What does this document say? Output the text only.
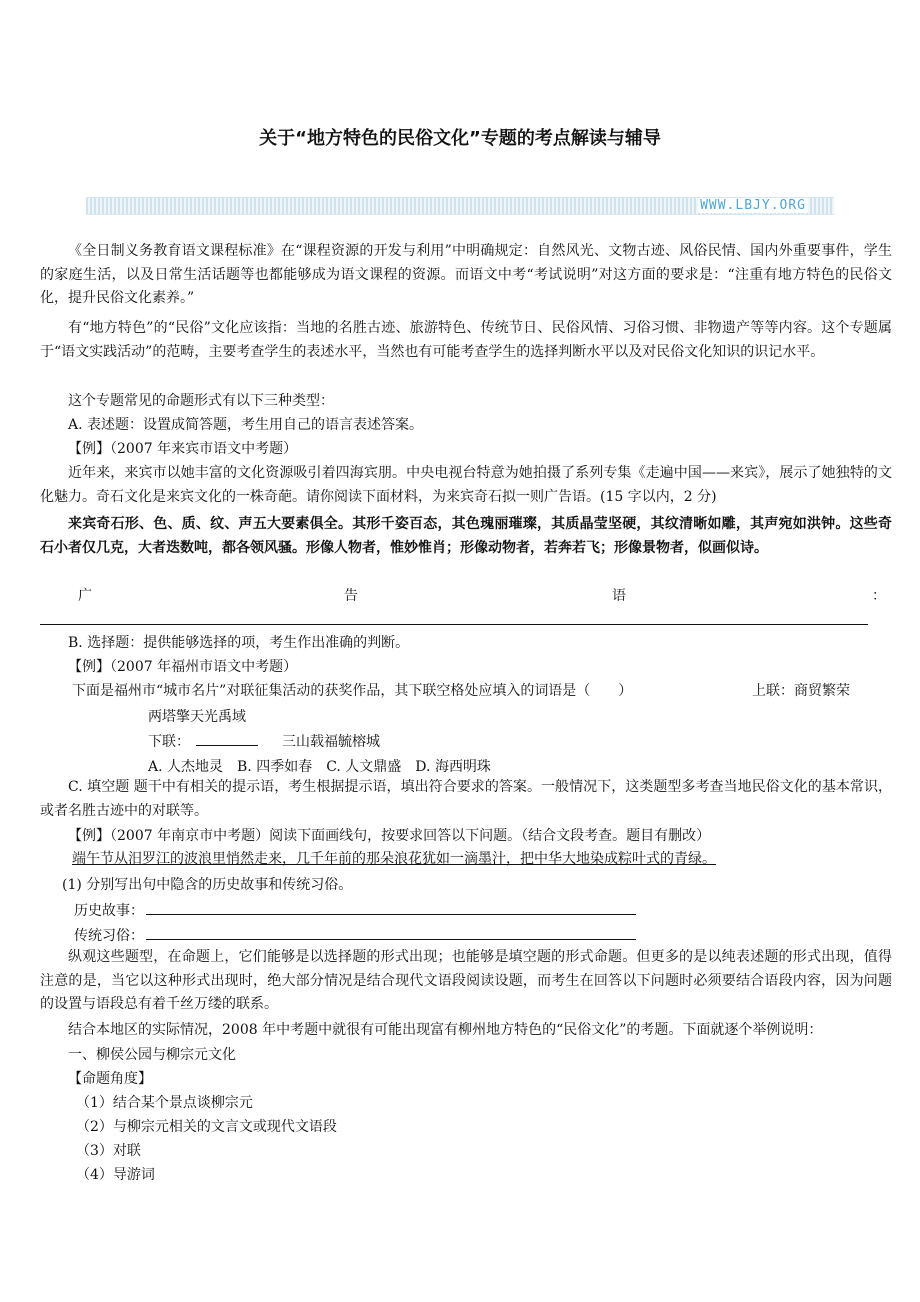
关于“地方特色的民俗文化”专题的考点解读与辅导
WWW.LBJY.ORG
《全日制义务教育语文课程标准》在“课程资源的开发与利用”中明确规定：自然风光、文物古迹、风俗民情、国内外重要事件，学生的家庭生活，以及日常生活话题等也都能够成为语文课程的资源。而语文中考“考试说明”对这方面的要求是：“注重有地方特色的民俗文化，提升民俗文化素养。”
有“地方特色”的“民俗”文化应该指：当地的名胜古迹、旅游特色、传统节日、民俗风情、习俗习惯、非物遗产等等内容。这个专题属于“语文实践活动”的范畴，主要考查学生的表述水平，当然也有可能考查学生的选择判断水平以及对民俗文化知识的识记水平。
这个专题常见的命题形式有以下三种类型：
A. 表述题：设置成简答题，考生用自己的语言表述答案。
【例】（2007 年来宾市语文中考题）
近年来，来宾市以她丰富的文化资源吸引着四海宾朋。中央电视台特意为她拍摄了系列专集《走遍中国——来宾》，展示了她独特的文化魅力。奇石文化是来宾文化的一株奇葩。请你阅读下面材料，为来宾奇石拟一则广告语。(15 字以内，2 分)
来宾奇石形、色、质、纹、声五大要素俱全。其形千姿百态，其色瑰丽璀璨，其质晶莹坚硬，其纹清晰如雕，其声宛如洪钟。这些奇石小者仅几克，大者迭数吨，都各领风骚。形像人物者，惟妙惟肖；形像动物者，若奔若飞；形像景物者，似画似诗。
广	告	语	：
B. 选择题：提供能够选择的项，考生作出准确的判断。
【例】（2007 年福州市语文中考题）
下面是福州市“城市名片”对联征集活动的获奖作品，其下联空格处应填入的词语是（　　）	上联：商贸繁荣
两塔擎天光禹域
下联：	三山载福毓榕城
A. 人杰地灵　B. 四季如春　C. 人文鼎盛　D. 海西明珠
C. 填空题 题干中有相关的提示语，考生根据提示语，填出符合要求的答案。一般情况下，这类题型多考查当地民俗文化的基本常识，或者名胜古迹中的对联等。
【例】（2007 年南京市中考题）阅读下面画线句，按要求回答以下问题。（结合文段考查。题目有删改）
端午节从汨罗江的波浪里悄然走来，几千年前的那朵浪花犹如一滴墨汁，把中华大地染成粽叶式的青绿。
(1) 分别写出句中隐含的历史故事和传统习俗。
历史故事：
传统习俗：
纵观这些题型，在命题上，它们能够是以选择题的形式出现；也能够是填空题的形式命题。但更多的是以纯表述题的形式出现，值得注意的是，当它以这种形式出现时，绝大部分情况是结合现代文语段阅读设题，而考生在回答以下问题时必须要结合语段内容，因为问题的设置与语段总有着千丝万缕的联系。
结合本地区的实际情况，2008 年中考题中就很有可能出现富有柳州地方特色的“民俗文化”的考题。下面就逐个举例说明：
一、柳侯公园与柳宗元文化
【命题角度】
（1）结合某个景点谈柳宗元
（2）与柳宗元相关的文言文或现代文语段
（3）对联
（4）导游词
